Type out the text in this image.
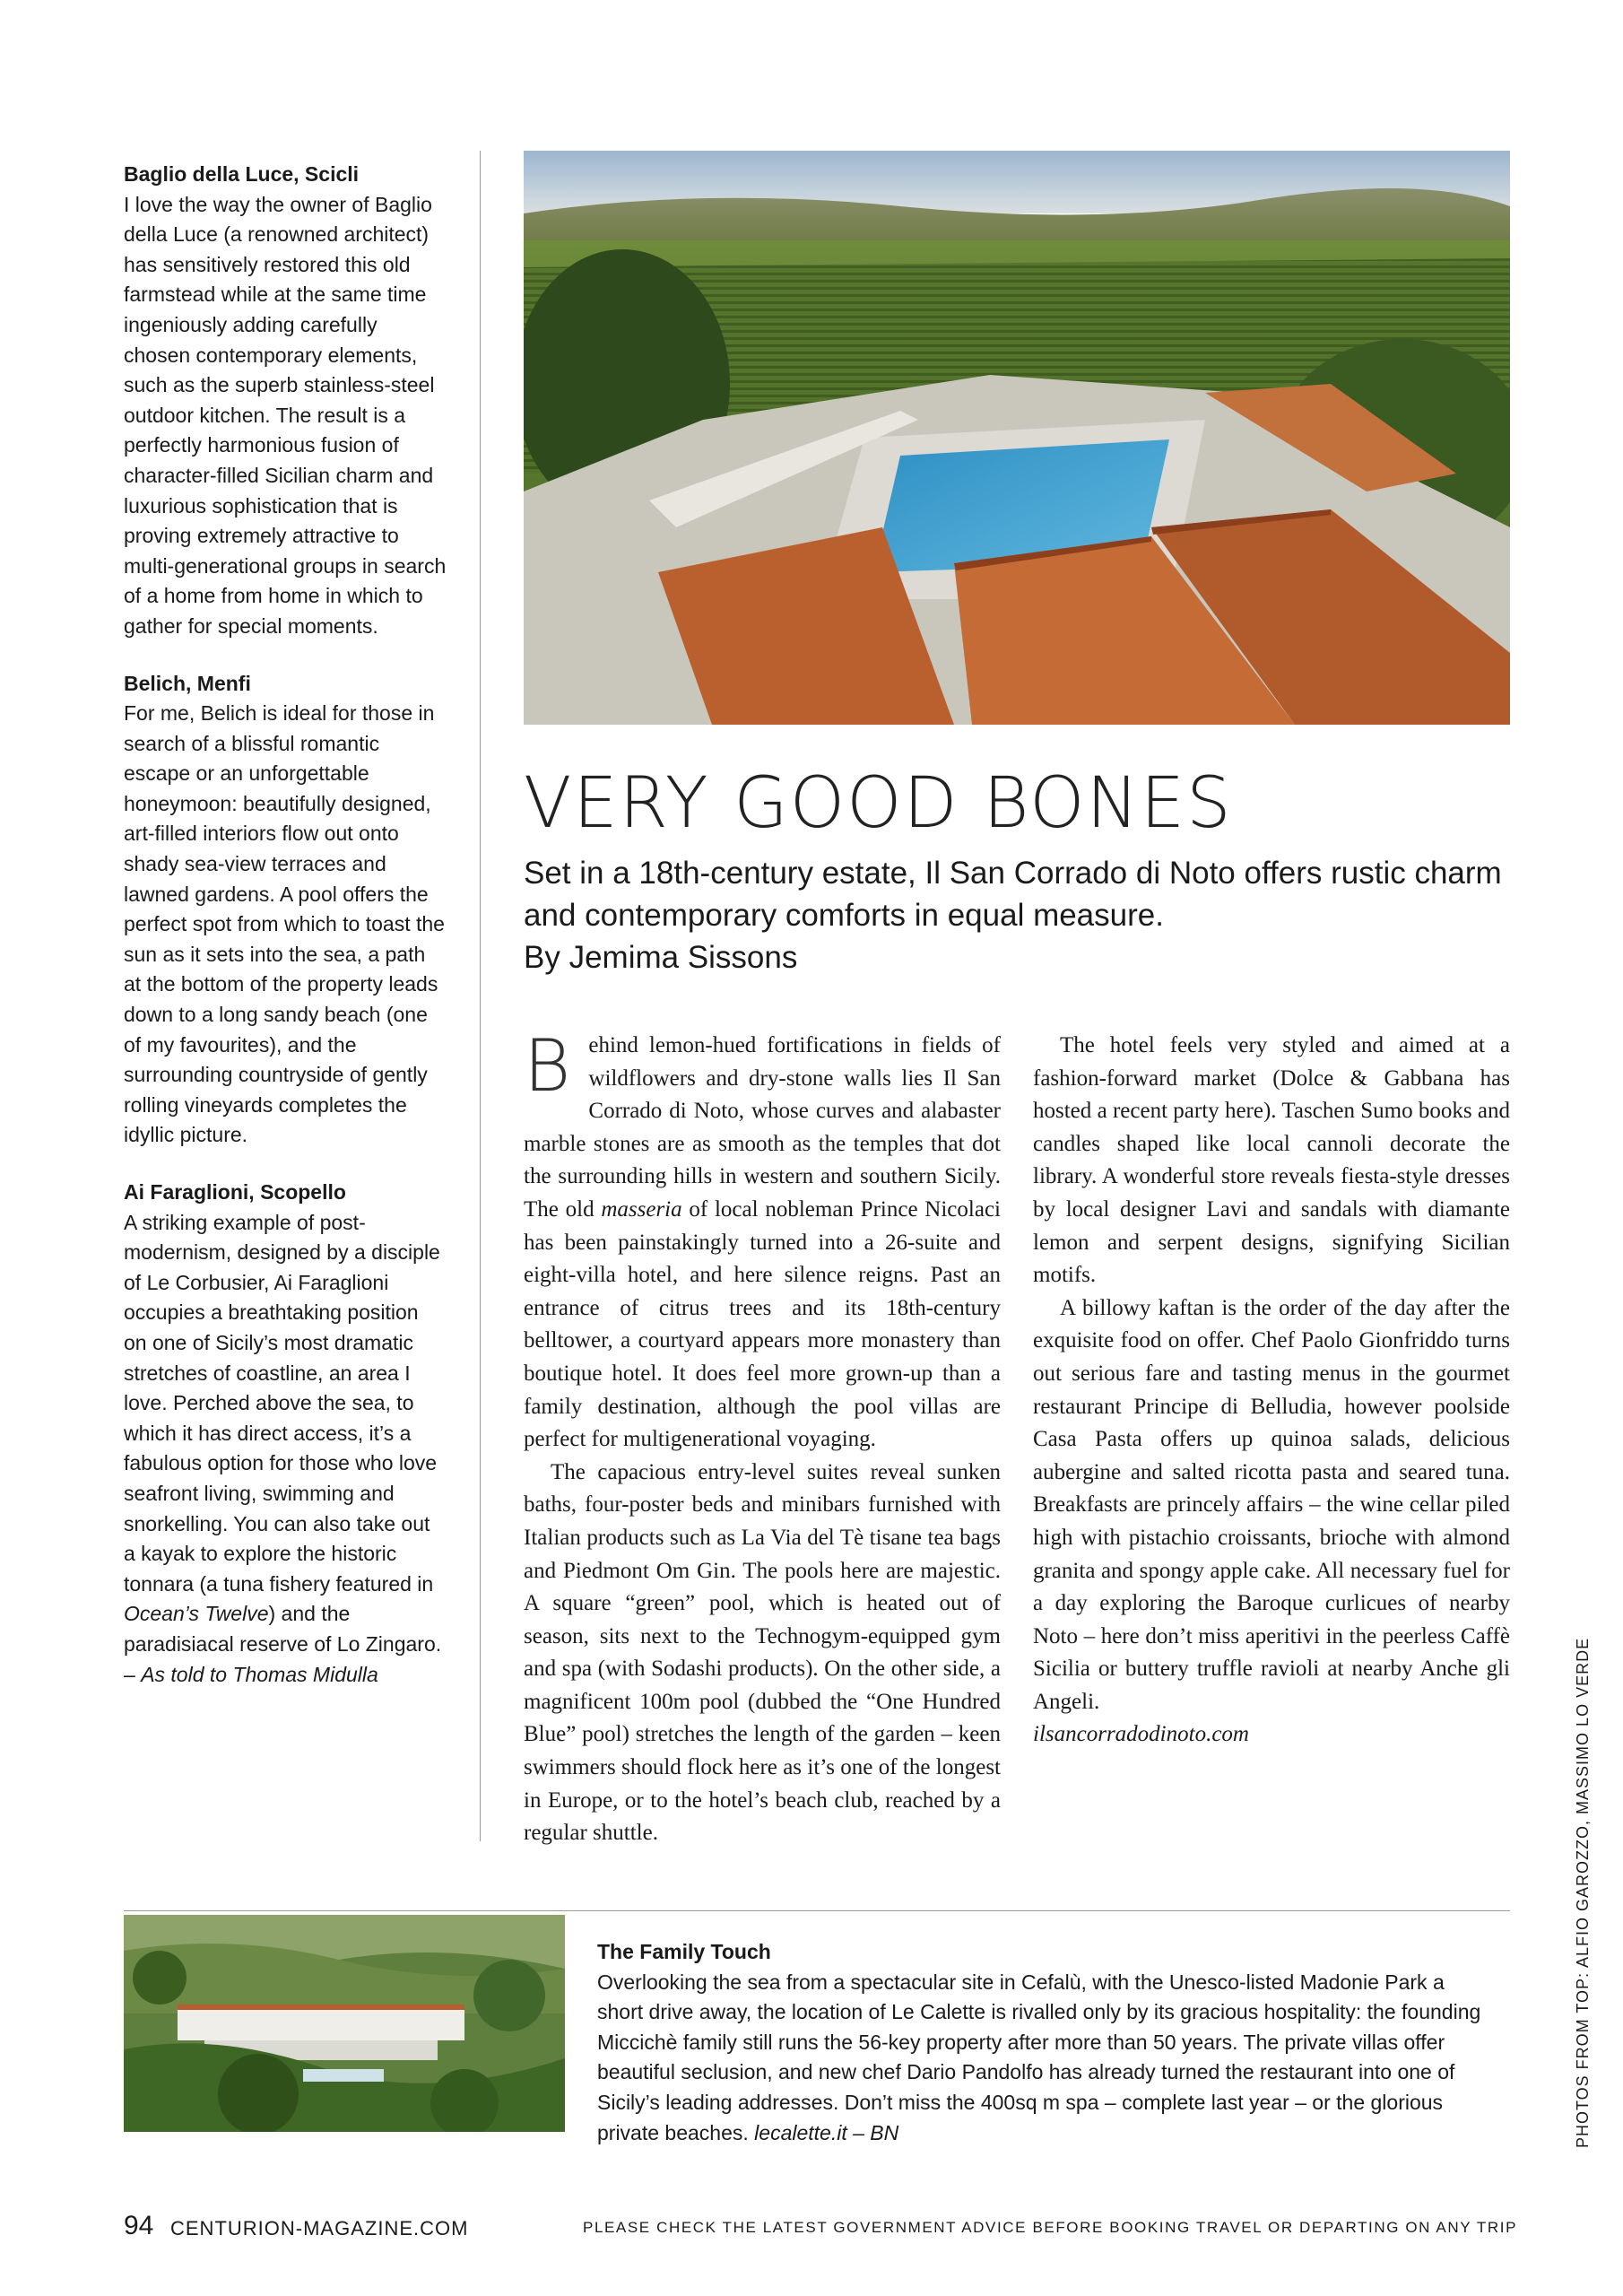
Baglio della Luce, Scicli

I love the way the owner of Baglio della Luce (a renowned architect) has sensitively restored this old farmstead while at the same time ingeniously adding carefully chosen contemporary elements, such as the superb stainless-steel outdoor kitchen. The result is a perfectly harmonious fusion of character-filled Sicilian charm and luxurious sophistication that is proving extremely attractive to multi-generational groups in search of a home from home in which to gather for special moments.

Belich, Menfi

For me, Belich is ideal for those in search of a blissful romantic escape or an unforgettable honeymoon: beautifully designed, art-filled interiors flow out onto shady sea-view terraces and lawned gardens. A pool offers the perfect spot from which to toast the sun as it sets into the sea, a path at the bottom of the property leads down to a long sandy beach (one of my favourites), and the surrounding countryside of gently rolling vineyards completes the idyllic picture.

Ai Faraglioni, Scopello

A striking example of post-modernism, designed by a disciple of Le Corbusier, Ai Faraglioni occupies a breathtaking position on one of Sicily’s most dramatic stretches of coastline, an area I love. Perched above the sea, to which it has direct access, it’s a fabulous option for those who love seafront living, swimming and snorkelling. You can also take out a kayak to explore the historic tonnara (a tuna fishery featured in Ocean’s Twelve) and the paradisiacal reserve of Lo Zingaro. – As told to Thomas Midulla

VERY GOOD BONES
Set in a 18th-century estate, Il San Corrado di Noto offers rustic charm and contemporary comforts in equal measure.
By Jemima Sissons

Behind lemon-hued fortifications in fields of wildflowers and dry-stone walls lies Il San Corrado di Noto, whose curves and alabaster marble stones are as smooth as the temples that dot the surrounding hills in western and southern Sicily. The old masseria of local nobleman Prince Nicolaci has been painstakingly turned into a 26-suite and eight-villa hotel, and here silence reigns. Past an entrance of citrus trees and its 18th-century belltower, a courtyard appears more monastery than boutique hotel. It does feel more grown-up than a family destination, although the pool villas are perfect for multigenerational voyaging.

The capacious entry-level suites reveal sunken baths, four-poster beds and minibars furnished with Italian products such as La Via del Tè tisane tea bags and Piedmont Om Gin. The pools here are majestic. A square “green” pool, which is heated out of season, sits next to the Technogym-equipped gym and spa (with Sodashi products). On the other side, a magnificent 100m pool (dubbed the “One Hundred Blue” pool) stretches the length of the garden – keen swimmers should flock here as it’s one of the longest in Europe, or to the hotel’s beach club, reached by a regular shuttle.

The hotel feels very styled and aimed at a fashion-forward market (Dolce & Gabbana has hosted a recent party here). Taschen Sumo books and candles shaped like local cannoli decorate the library. A wonderful store reveals fiesta-style dresses by local designer Lavi and sandals with diamante lemon and serpent designs, signifying Sicilian motifs.

A billowy kaftan is the order of the day after the exquisite food on offer. Chef Paolo Gionfriddo turns out serious fare and tasting menus in the gourmet restaurant Principe di Belludia, however poolside Casa Pasta offers up quinoa salads, delicious aubergine and salted ricotta pasta and seared tuna. Breakfasts are princely affairs – the wine cellar piled high with pistachio croissants, brioche with almond granita and spongy apple cake. All necessary fuel for a day exploring the Baroque curlicues of nearby Noto – here don’t miss aperitivi in the peerless Caffè Sicilia or buttery truffle ravioli at nearby Anche gli Angeli.

ilsancorradodinoto.com

The Family Touch

Overlooking the sea from a spectacular site in Cefalù, with the Unesco-listed Madonie Park a short drive away, the location of Le Calette is rivalled only by its gracious hospitality: the founding Miccichè family still runs the 56-key property after more than 50 years. The private villas offer beautiful seclusion, and new chef Dario Pandolfo has already turned the restaurant into one of Sicily’s leading addresses. Don’t miss the 400sq m spa – complete last year – or the glorious private beaches. lecalette.it – BN	PHOTOS FROM TOP: ALFIO GAROZZO, MASSIMO LO VERDE
94 CENTURION-MAGAZINE.COM	PLEASE CHECK THE LATEST GOVERNMENT ADVICE BEFORE BOOKING TRAVEL OR DEPARTING ON ANY TRIP
